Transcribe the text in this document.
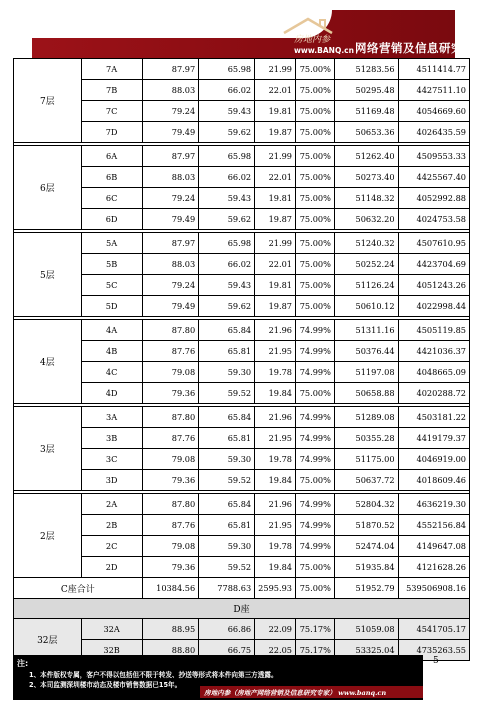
房地内参
www.BANQ.cn 网络营销及信息研究专家
7层	7A	87.97	65.98	21.99	75.00%	51283.56	4511414.77
	7B	88.03	66.02	22.01	75.00%	50295.48	4427511.10
	7C	79.24	59.43	19.81	75.00%	51169.48	4054669.60
	7D	79.49	59.62	19.87	75.00%	50653.36	4026435.59

6层	6A	87.97	65.98	21.99	75.00%	51262.40	4509553.33
	6B	88.03	66.02	22.01	75.00%	50273.40	4425567.40
	6C	79.24	59.43	19.81	75.00%	51148.32	4052992.88
	6D	79.49	59.62	19.87	75.00%	50632.20	4024753.58

5层	5A	87.97	65.98	21.99	75.00%	51240.32	4507610.95
	5B	88.03	66.02	22.01	75.00%	50252.24	4423704.69
	5C	79.24	59.43	19.81	75.00%	51126.24	4051243.26
	5D	79.49	59.62	19.87	75.00%	50610.12	4022998.44

4层	4A	87.80	65.84	21.96	74.99%	51311.16	4505119.85
	4B	87.76	65.81	21.95	74.99%	50376.44	4421036.37
	4C	79.08	59.30	19.78	74.99%	51197.08	4048665.09
	4D	79.36	59.52	19.84	75.00%	50658.88	4020288.72

3层	3A	87.80	65.84	21.96	74.99%	51289.08	4503181.22
	3B	87.76	65.81	21.95	74.99%	50355.28	4419179.37
	3C	79.08	59.30	19.78	74.99%	51175.00	4046919.00
	3D	79.36	59.52	19.84	75.00%	50637.72	4018609.46

2层	2A	87.80	65.84	21.96	74.99%	52804.32	4636219.30
	2B	87.76	65.81	21.95	74.99%	51870.52	4552156.84
	2C	79.08	59.30	19.78	74.99%	52474.04	4149647.08
	2D	79.36	59.52	19.84	75.00%	51935.84	4121628.26
C座合计		10384.56	7788.63	2595.93	75.00%	51952.79	539506908.16
D座							
32层	32A	88.95	66.86	22.09	75.17%	51059.08	4541705.17
	32B	88.80	66.75	22.05	75.17%	53325.04	4735263.55
注:
1、本件版权专属，客户不得以包括但不限于转发、抄送等形式将本件向第三方透露。
2、本司监测深圳楼市动态及楼市销售数据已15年。
房地内参（房地产网络营销及信息研究专家） www.banq.cn
5
